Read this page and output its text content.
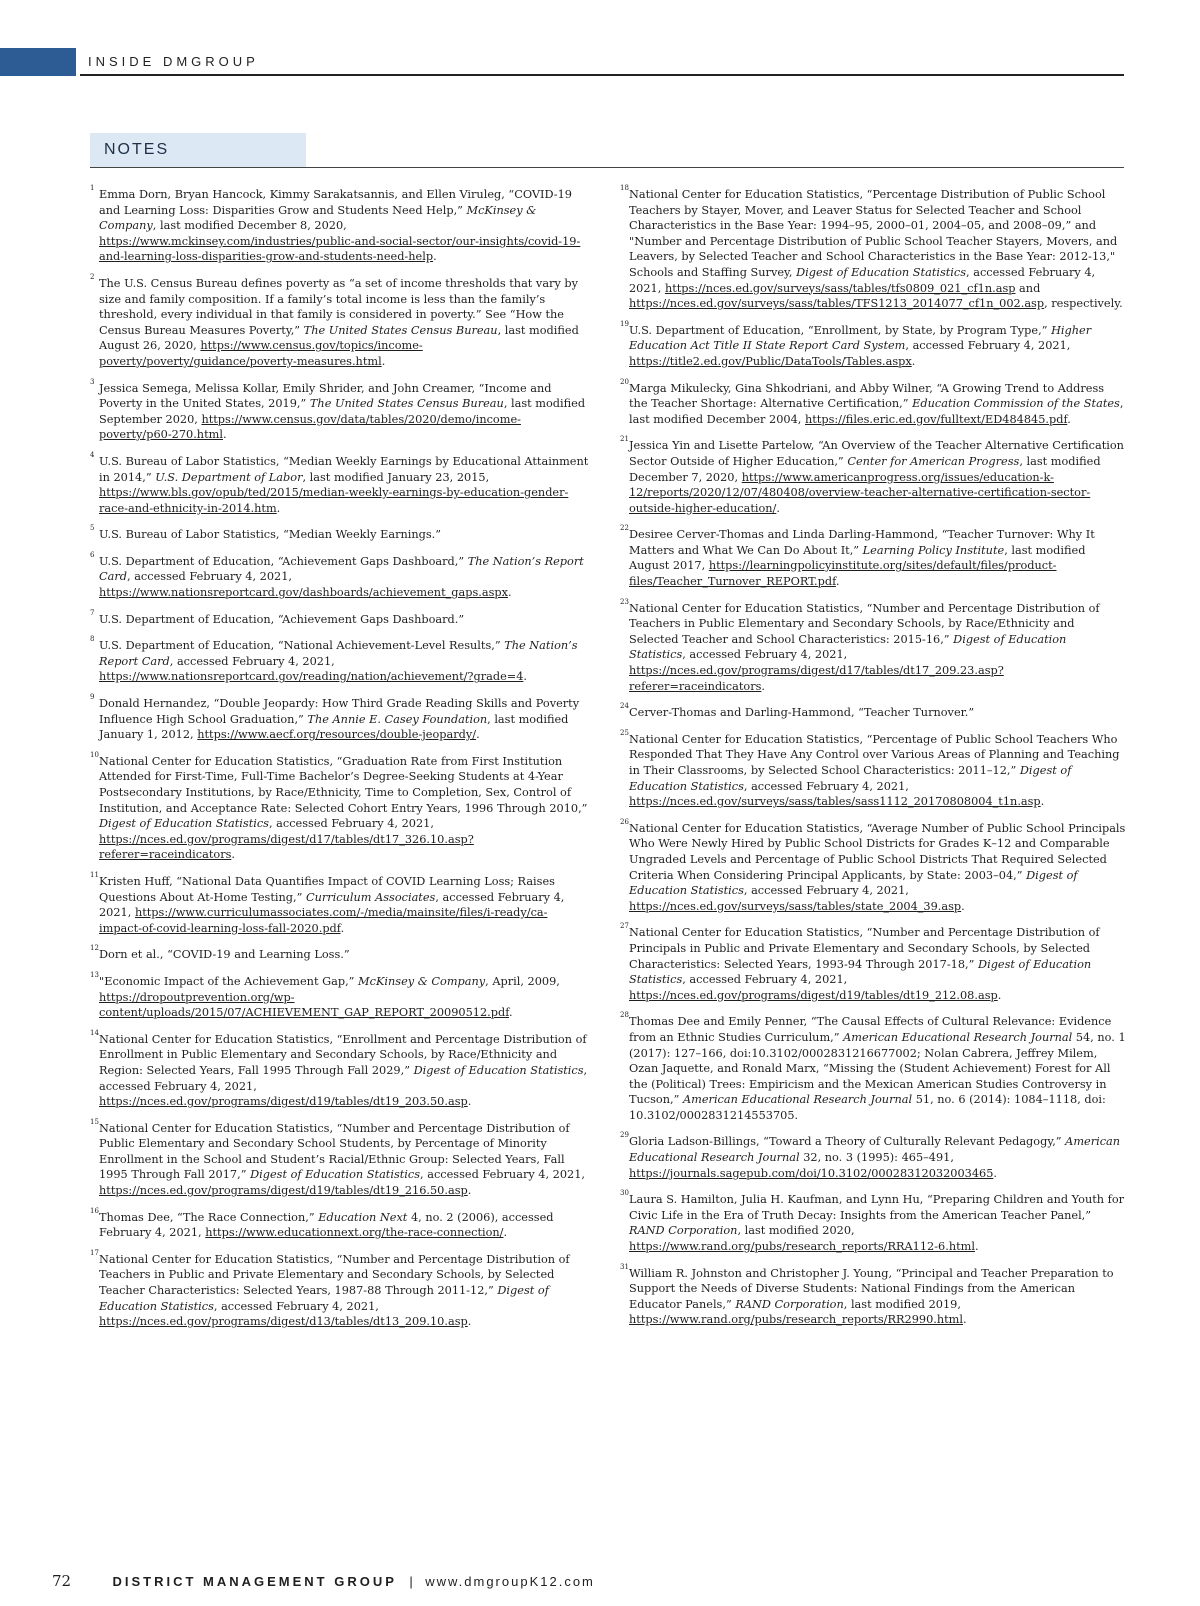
INSIDE DMGROUP
NOTES

1 Emma Dorn, Bryan Hancock, Kimmy Sarakatsannis, and Ellen Viruleg, “COVID-19 and Learning Loss: Disparities Grow and Students Need Help,” McKinsey & Company, last modified December 8, 2020, https://www.mckinsey.com/industries/public-and-social-sector/our-insights/covid-19-and-learning-loss-disparities-grow-and-students-need-help.

2 The U.S. Census Bureau defines poverty as “a set of income thresholds that vary by size and family composition. If a family’s total income is less than the family’s threshold, every individual in that family is considered in poverty.” See “How the Census Bureau Measures Poverty,” The United States Census Bureau, last modified August 26, 2020, https://www.census.gov/topics/income-poverty/poverty/guidance/poverty-measures.html.

3 Jessica Semega, Melissa Kollar, Emily Shrider, and John Creamer, “Income and Poverty in the United States, 2019,” The United States Census Bureau, last modified September 2020, https://www.census.gov/data/tables/2020/demo/income-poverty/p60-270.html.

4 U.S. Bureau of Labor Statistics, “Median Weekly Earnings by Educational Attainment in 2014,” U.S. Department of Labor, last modified January 23, 2015, https://www.bls.gov/opub/ted/2015/median-weekly-earnings-by-education-gender-race-and-ethnicity-in-2014.htm.

5 U.S. Bureau of Labor Statistics, “Median Weekly Earnings.”

6 U.S. Department of Education, “Achievement Gaps Dashboard,” The Nation’s Report Card, accessed February 4, 2021, https://www.nationsreportcard.gov/dashboards/achievement_gaps.aspx.

7 U.S. Department of Education, “Achievement Gaps Dashboard.”

8 U.S. Department of Education, “National Achievement-Level Results,” The Nation’s Report Card, accessed February 4, 2021, https://www.nationsreportcard.gov/reading/nation/achievement/?grade=4.

9 Donald Hernandez, “Double Jeopardy: How Third Grade Reading Skills and Poverty Influence High School Graduation,” The Annie E. Casey Foundation, last modified January 1, 2012, https://www.aecf.org/resources/double-jeopardy/.

10 National Center for Education Statistics, “Graduation Rate from First Institution Attended for First-Time, Full-Time Bachelor’s Degree-Seeking Students at 4-Year Postsecondary Institutions, by Race/Ethnicity, Time to Completion, Sex, Control of Institution, and Acceptance Rate: Selected Cohort Entry Years, 1996 Through 2010,” Digest of Education Statistics, accessed February 4, 2021, https://nces.ed.gov/programs/digest/d17/tables/dt17_326.10.asp?referer=raceindicators.

11 Kristen Huff, “National Data Quantifies Impact of COVID Learning Loss; Raises Questions About At-Home Testing,” Curriculum Associates, accessed February 4, 2021, https://www.curriculumassociates.com/-/media/mainsite/files/i-ready/ca-impact-of-covid-learning-loss-fall-2020.pdf.

12 Dorn et al., “COVID-19 and Learning Loss.”

13 "Economic Impact of the Achievement Gap,” McKinsey & Company, April, 2009, https://dropoutprevention.org/wp-content/uploads/2015/07/ACHIEVEMENT_GAP_REPORT_20090512.pdf.

14 National Center for Education Statistics, “Enrollment and Percentage Distribution of Enrollment in Public Elementary and Secondary Schools, by Race/Ethnicity and Region: Selected Years, Fall 1995 Through Fall 2029,” Digest of Education Statistics, accessed February 4, 2021, https://nces.ed.gov/programs/digest/d19/tables/dt19_203.50.asp.

15 National Center for Education Statistics, “Number and Percentage Distribution of Public Elementary and Secondary School Students, by Percentage of Minority Enrollment in the School and Student’s Racial/Ethnic Group: Selected Years, Fall 1995 Through Fall 2017,” Digest of Education Statistics, accessed February 4, 2021, https://nces.ed.gov/programs/digest/d19/tables/dt19_216.50.asp.

16 Thomas Dee, “The Race Connection,” Education Next 4, no. 2 (2006), accessed February 4, 2021, https://www.educationnext.org/the-race-connection/.

17 National Center for Education Statistics, “Number and Percentage Distribution of Teachers in Public and Private Elementary and Secondary Schools, by Selected Teacher Characteristics: Selected Years, 1987-88 Through 2011-12,” Digest of Education Statistics, accessed February 4, 2021, https://nces.ed.gov/programs/digest/d13/tables/dt13_209.10.asp.

18 National Center for Education Statistics, “Percentage Distribution of Public School Teachers by Stayer, Mover, and Leaver Status for Selected Teacher and School Characteristics in the Base Year: 1994–95, 2000–01, 2004–05, and 2008–09,” and "Number and Percentage Distribution of Public School Teacher Stayers, Movers, and Leavers, by Selected Teacher and School Characteristics in the Base Year: 2012-13," Schools and Staffing Survey, Digest of Education Statistics, accessed February 4, 2021, https://nces.ed.gov/surveys/sass/tables/tfs0809_021_cf1n.asp and https://nces.ed.gov/surveys/sass/tables/TFS1213_2014077_cf1n_002.asp, respectively.

19 U.S. Department of Education, “Enrollment, by State, by Program Type,” Higher Education Act Title II State Report Card System, accessed February 4, 2021, https://title2.ed.gov/Public/DataTools/Tables.aspx.

20 Marga Mikulecky, Gina Shkodriani, and Abby Wilner, “A Growing Trend to Address the Teacher Shortage: Alternative Certification,” Education Commission of the States, last modified December 2004, https://files.eric.ed.gov/fulltext/ED484845.pdf.

21 Jessica Yin and Lisette Partelow, “An Overview of the Teacher Alternative Certification Sector Outside of Higher Education,” Center for American Progress, last modified December 7, 2020, https://www.americanprogress.org/issues/education-k-12/reports/2020/12/07/480408/overview-teacher-alternative-certification-sector-outside-higher-education/.

22 Desiree Cerver-Thomas and Linda Darling-Hammond, “Teacher Turnover: Why It Matters and What We Can Do About It,” Learning Policy Institute, last modified August 2017, https://learningpolicyinstitute.org/sites/default/files/product-files/Teacher_Turnover_REPORT.pdf.

23 National Center for Education Statistics, “Number and Percentage Distribution of Teachers in Public Elementary and Secondary Schools, by Race/Ethnicity and Selected Teacher and School Characteristics: 2015-16,” Digest of Education Statistics, accessed February 4, 2021, https://nces.ed.gov/programs/digest/d17/tables/dt17_209.23.asp?referer=raceindicators.

24 Cerver-Thomas and Darling-Hammond, “Teacher Turnover.”

25 National Center for Education Statistics, “Percentage of Public School Teachers Who Responded That They Have Any Control over Various Areas of Planning and Teaching in Their Classrooms, by Selected School Characteristics: 2011–12,” Digest of Education Statistics, accessed February 4, 2021, https://nces.ed.gov/surveys/sass/tables/sass1112_20170808004_t1n.asp.

26 National Center for Education Statistics, “Average Number of Public School Principals Who Were Newly Hired by Public School Districts for Grades K–12 and Comparable Ungraded Levels and Percentage of Public School Districts That Required Selected Criteria When Considering Principal Applicants, by State: 2003–04,” Digest of Education Statistics, accessed February 4, 2021, https://nces.ed.gov/surveys/sass/tables/state_2004_39.asp.

27 National Center for Education Statistics, “Number and Percentage Distribution of Principals in Public and Private Elementary and Secondary Schools, by Selected Characteristics: Selected Years, 1993-94 Through 2017-18,” Digest of Education Statistics, accessed February 4, 2021, https://nces.ed.gov/programs/digest/d19/tables/dt19_212.08.asp.

28 Thomas Dee and Emily Penner, “The Causal Effects of Cultural Relevance: Evidence from an Ethnic Studies Curriculum,” American Educational Research Journal 54, no. 1 (2017): 127–166, doi:10.3102/0002831216677002; Nolan Cabrera, Jeffrey Milem, Ozan Jaquette, and Ronald Marx, “Missing the (Student Achievement) Forest for All the (Political) Trees: Empiricism and the Mexican American Studies Controversy in Tucson,” American Educational Research Journal 51, no. 6 (2014): 1084–1118, doi: 10.3102/0002831214553705.

29 Gloria Ladson-Billings, “Toward a Theory of Culturally Relevant Pedagogy,” American Educational Research Journal 32, no. 3 (1995): 465–491, https://journals.sagepub.com/doi/10.3102/00028312032003465.

30 Laura S. Hamilton, Julia H. Kaufman, and Lynn Hu, “Preparing Children and Youth for Civic Life in the Era of Truth Decay: Insights from the American Teacher Panel,” RAND Corporation, last modified 2020, https://www.rand.org/pubs/research_reports/RRA112-6.html.

31 William R. Johnston and Christopher J. Young, “Principal and Teacher Preparation to Support the Needs of Diverse Students: National Findings from the American Educator Panels,” RAND Corporation, last modified 2019, https://www.rand.org/pubs/research_reports/RR2990.html.

72	DISTRICT MANAGEMENT GROUP | www.dmgroupK12.com
